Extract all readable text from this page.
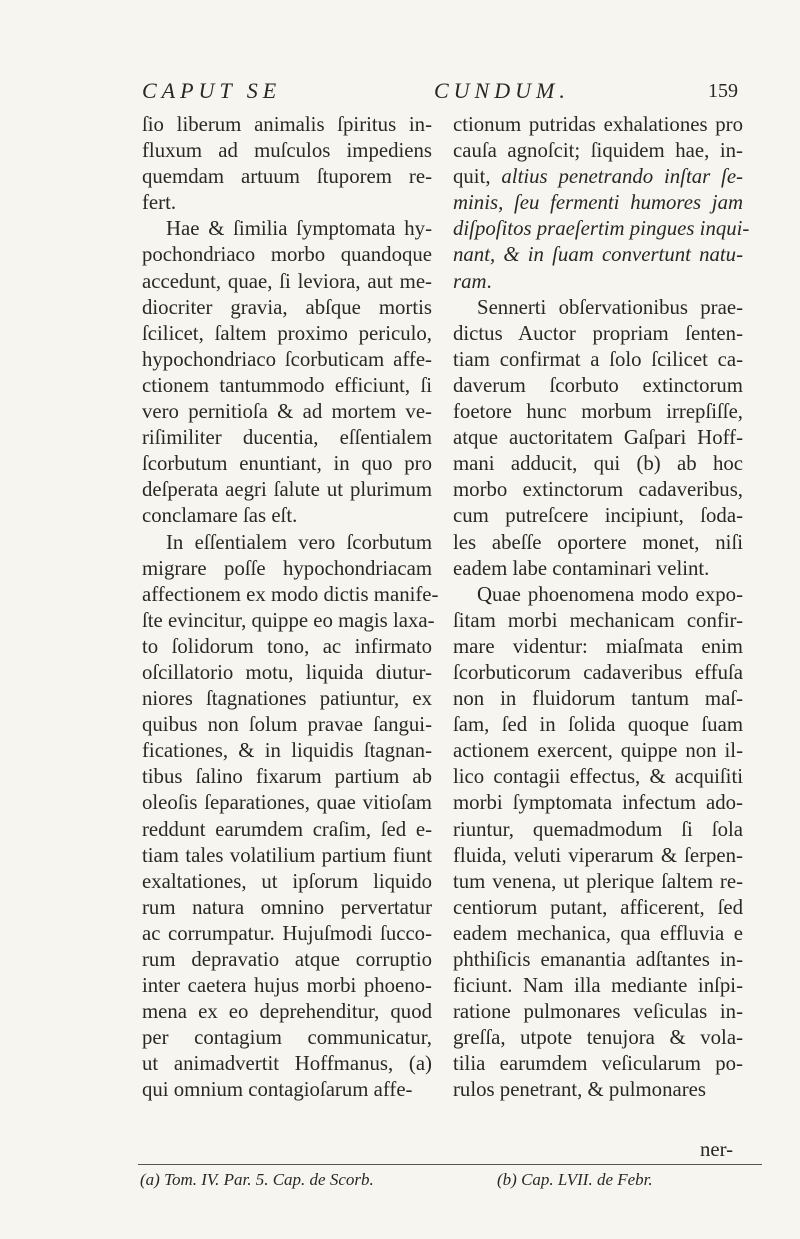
CAPUT SE	CUNDUM.	159
ſio liberum animalis ſpiritus in-
fluxum ad muſculos impediens
quemdam artuum ſtuporem re-
fert.
Hae & ſimilia ſymptomata hy-
pochondriaco morbo quandoque
accedunt, quae, ſi leviora, aut me-
diocriter gravia, abſque mortis
ſcilicet, ſaltem proximo periculo,
hypochondriaco ſcorbuticam affe-
ctionem tantummodo efficiunt, ſi
vero pernitioſa & ad mortem ve-
riſimiliter ducentia, eſſentialem
ſcorbutum enuntiant, in quo pro
deſperata aegri ſalute ut plurimum
conclamare ſas eſt.
In eſſentialem vero ſcorbutum
migrare poſſe hypochondriacam
affectionem ex modo dictis manife-
ſte evincitur, quippe eo magis laxa-
to ſolidorum tono, ac infirmato
oſcillatorio motu, liquida diutur-
niores ſtagnationes patiuntur, ex
quibus non ſolum pravae ſangui-
ficationes, & in liquidis ſtagnan-
tibus ſalino fixarum partium ab
oleoſis ſeparationes, quae vitioſam
reddunt earumdem craſim, ſed e-
tiam tales volatilium partium fiunt
exaltationes, ut ipſorum liquido
rum natura omnino pervertatur
ac corrumpatur. Hujuſmodi ſucco-
rum depravatio atque corruptio
inter caetera hujus morbi phoeno-
mena ex eo deprehenditur, quod
per contagium communicatur,
ut animadvertit Hoffmanus, (a)
qui omnium contagioſarum affe-
ctionum putridas exhalationes pro
cauſa agnoſcit; ſiquidem hae, in-
quit, altius penetrando inſtar ſe-
minis, ſeu fermenti humores jam
diſpoſitos praeſertim pingues inqui-
nant, & in ſuam convertunt natu-
ram.
Sennerti obſervationibus prae-
dictus Auctor propriam ſenten-
tiam confirmat a ſolo ſcilicet ca-
daverum ſcorbuto extinctorum
foetore hunc morbum irrepſiſſe,
atque auctoritatem Gaſpari Hoff-
mani adducit, qui (b) ab hoc
morbo extinctorum cadaveribus,
cum putreſcere incipiunt, ſoda-
les abeſſe oportere monet, niſi
eadem labe contaminari velint.
Quae phoenomena modo expo-
ſitam morbi mechanicam confir-
mare videntur: miaſmata enim
ſcorbuticorum cadaveribus effuſa
non in fluidorum tantum maſ-
ſam, ſed in ſolida quoque ſuam
actionem exercent, quippe non il-
lico contagii effectus, & acquiſiti
morbi ſymptomata infectum ado-
riuntur, quemadmodum ſi ſola
fluida, veluti viperarum & ſerpen-
tum venena, ut plerique ſaltem re-
centiorum putant, afficerent, ſed
eadem mechanica, qua effluvia e
phthiſicis emanantia adſtantes in-
ficiunt. Nam illa mediante inſpi-
ratione pulmonares veſiculas in-
greſſa, utpote tenujora & vola-
tilia earumdem veſicularum po-
rulos penetrant, & pulmonares
ner-
(a) Tom. IV. Par. 5. Cap. de Scorb.	(b) Cap. LVII. de Febr.
